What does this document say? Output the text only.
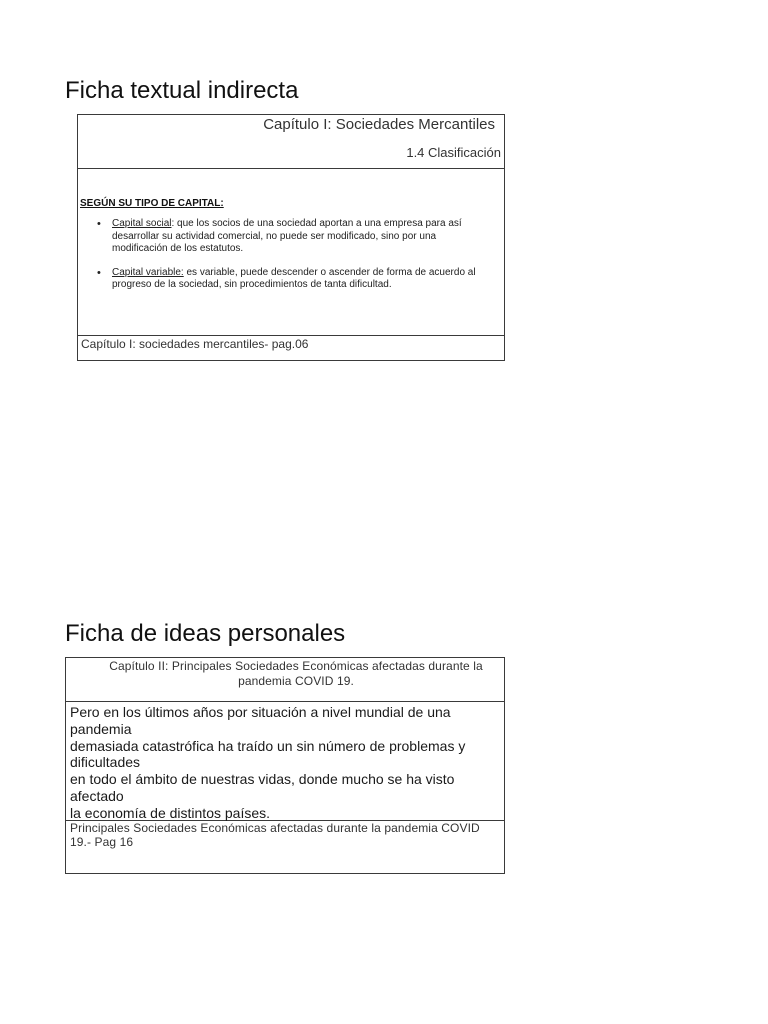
Ficha textual indirecta
Capítulo I: Sociedades Mercantiles
1.4 Clasificación
SEGÚN SU TIPO DE CAPITAL:
• Capital social: que los socios de una sociedad aportan a una empresa para así desarrollar su actividad comercial, no puede ser modificado, sino por una modificación de los estatutos.
• Capital variable: es variable, puede descender o ascender de forma de acuerdo al progreso de la sociedad, sin procedimientos de tanta dificultad.
Capítulo I: sociedades mercantiles- pag.06
Ficha de ideas personales
Capítulo II: Principales Sociedades Económicas afectadas durante la pandemia COVID 19.

Pero en los últimos años por situación a nivel mundial de una pandemia
demasiada catastrófica ha traído un sin número de problemas y dificultades
en todo el ámbito de nuestras vidas, donde mucho se ha visto afectado
la economía de distintos países.

Principales Sociedades Económicas afectadas durante la pandemia COVID 19.- Pag 16
